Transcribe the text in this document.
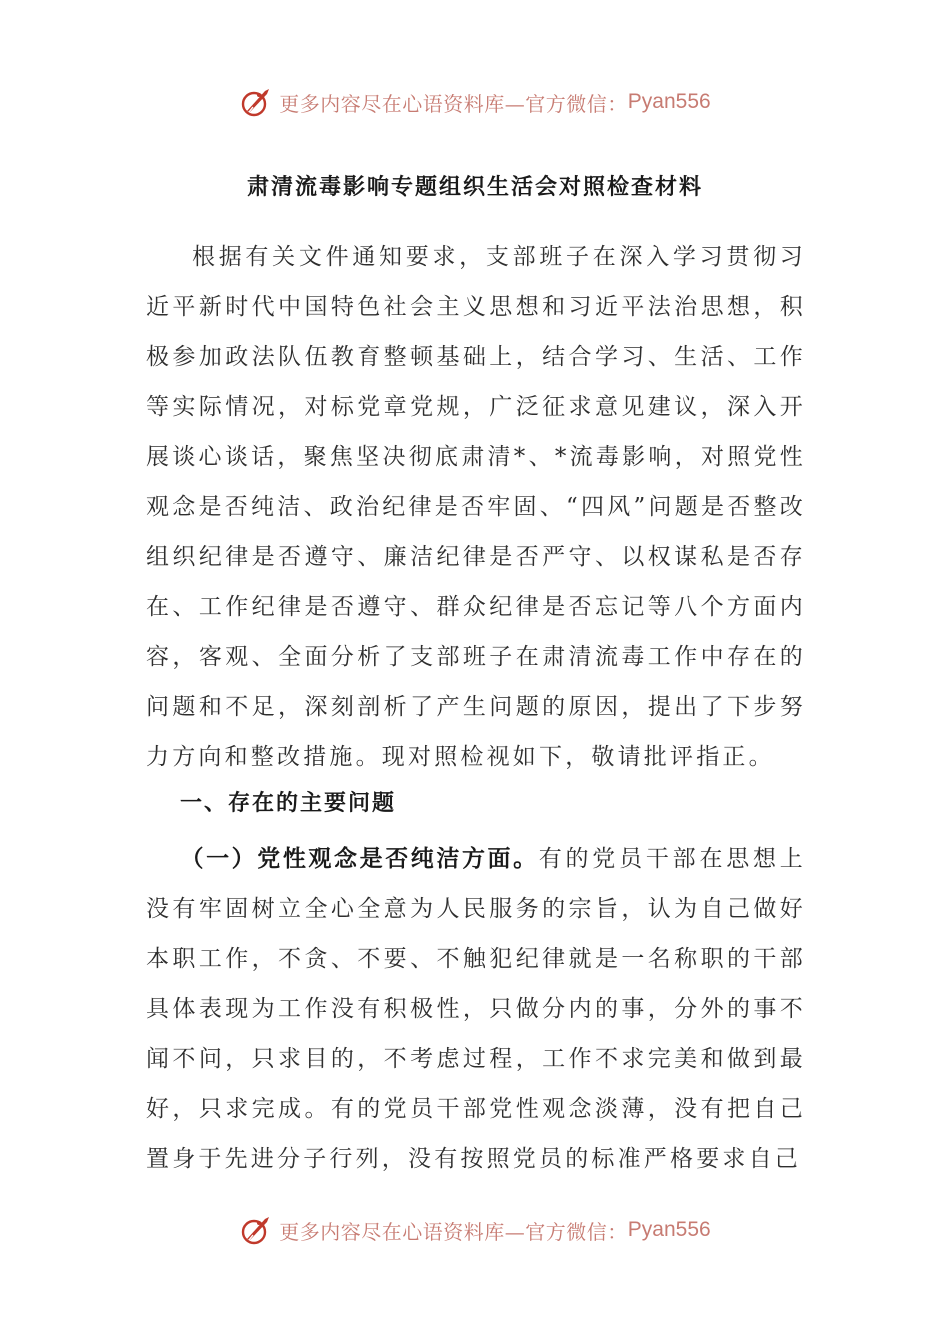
更多内容尽在心语资料库—官方微信： Pyan556
肃清流毒影响专题组织生活会对照检查材料

根据有关文件通知要求，支部班子在深入学习贯彻习近平新时代中国特色社会主义思想和习近平法治思想，积极参加政法队伍教育整顿基础上，结合学习、生活、工作等实际情况，对标党章党规，广泛征求意见建议，深入开展谈心谈话，聚焦坚决彻底肃清*、*流毒影响，对照党性观念是否纯洁、政治纪律是否牢固、“四风”问题是否整改组织纪律是否遵守、廉洁纪律是否严守、以权谋私是否存在、工作纪律是否遵守、群众纪律是否忘记等八个方面内容，客观、全面分析了支部班子在肃清流毒工作中存在的问题和不足，深刻剖析了产生问题的原因，提出了下步努力方向和整改措施。现对照检视如下，敬请批评指正。

一、存在的主要问题

（一）党性观念是否纯洁方面。有的党员干部在思想上没有牢固树立全心全意为人民服务的宗旨，认为自己做好本职工作，不贪、不要、不触犯纪律就是一名称职的干部具体表现为工作没有积极性，只做分内的事，分外的事不闻不问，只求目的，不考虑过程，工作不求完美和做到最好，只求完成。有的党员干部党性观念淡薄，没有把自己置身于先进分子行列，没有按照党员的标准严格要求自己

更多内容尽在心语资料库—官方微信： Pyan556
